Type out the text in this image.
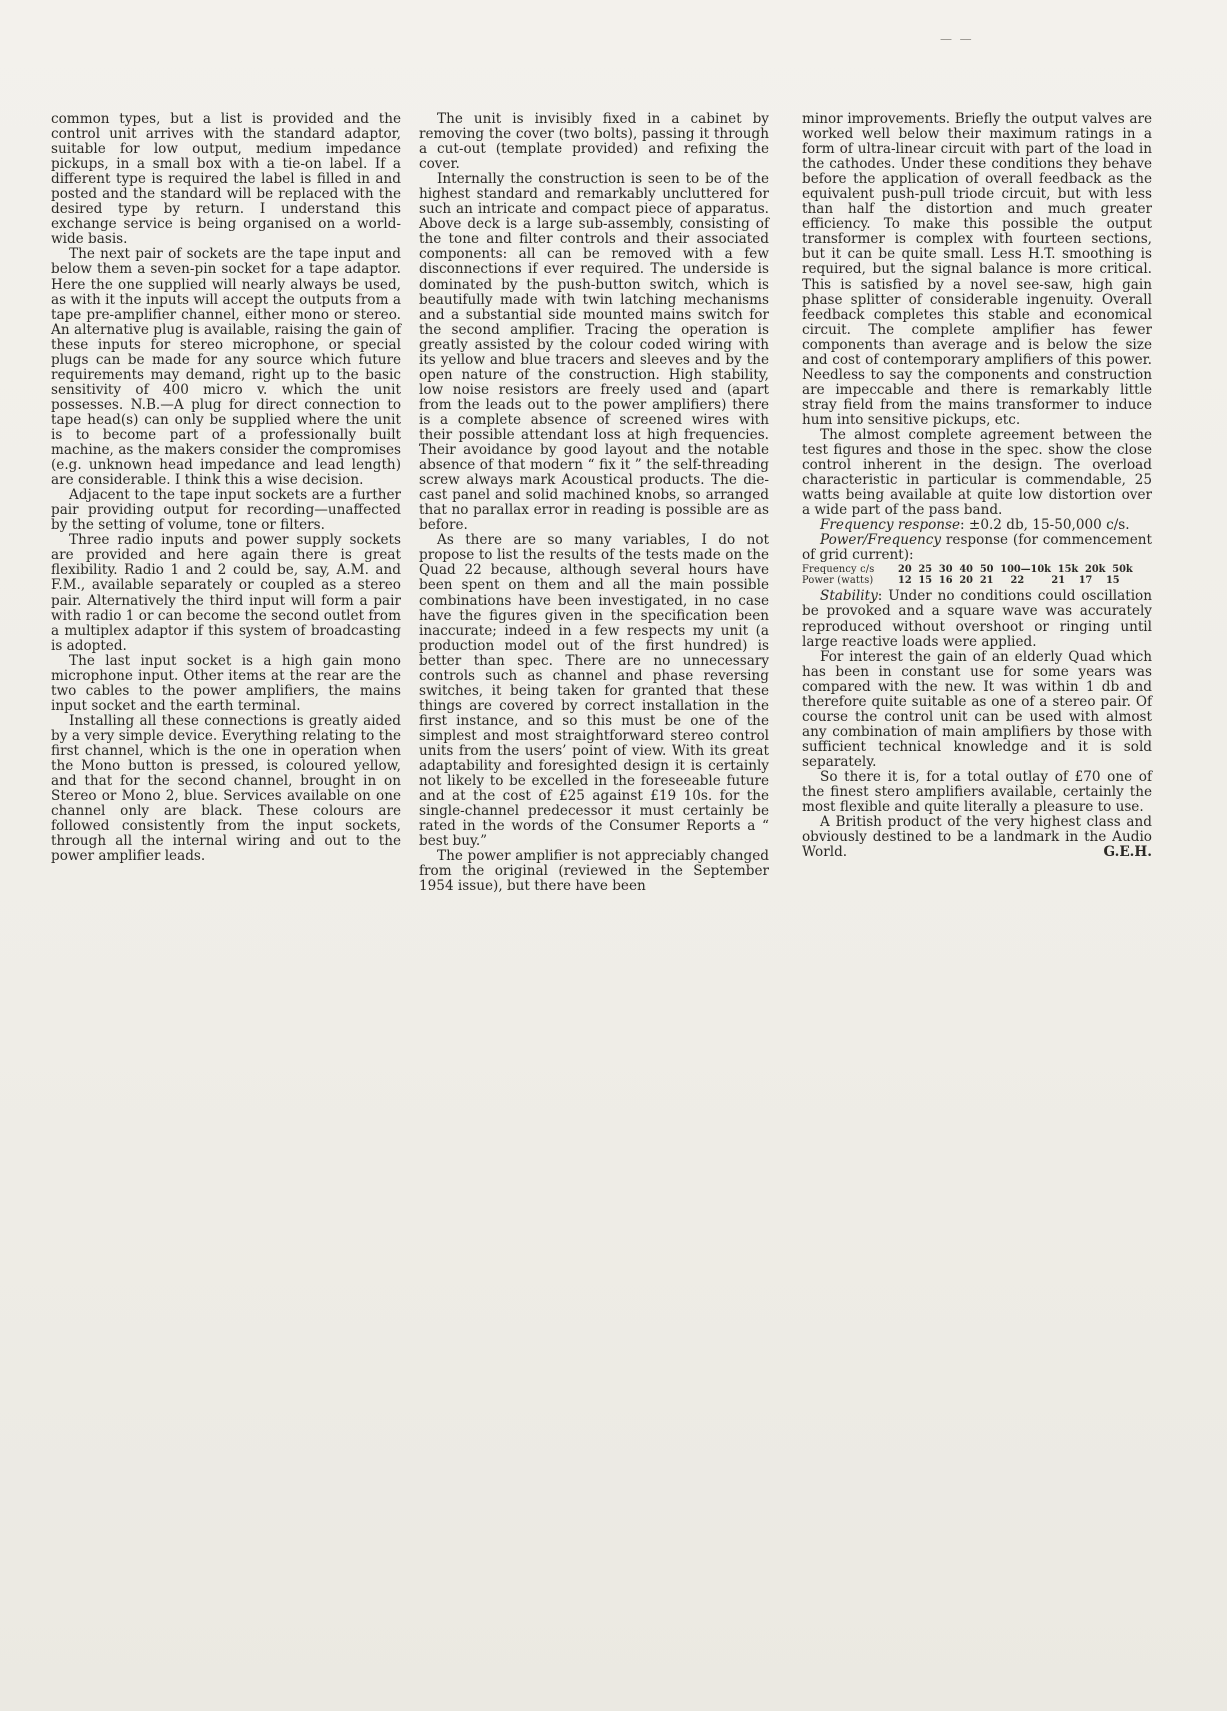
—  —

common types, but a list is provided and the control unit arrives with the standard adaptor, suitable for low output, medium impedance pickups, in a small box with a tie-on label. If a different type is required the label is filled in and posted and the standard will be replaced with the desired type by return. I understand this exchange service is being organised on a world-wide basis.

The next pair of sockets are the tape input and below them a seven-pin socket for a tape adaptor. Here the one supplied will nearly always be used, as with it the inputs will accept the outputs from a tape pre-amplifier channel, either mono or stereo. An alternative plug is available, raising the gain of these inputs for stereo microphone, or special plugs can be made for any source which future requirements may demand, right up to the basic sensitivity of 400 micro v. which the unit possesses. N.B.—A plug for direct connection to tape head(s) can only be supplied where the unit is to become part of a professionally built machine, as the makers consider the compromises (e.g. unknown head impedance and lead length) are considerable. I think this a wise decision.

Adjacent to the tape input sockets are a further pair providing output for recording—unaffected by the setting of volume, tone or filters.

Three radio inputs and power supply sockets are provided and here again there is great flexibility. Radio 1 and 2 could be, say, A.M. and F.M., available separately or coupled as a stereo pair. Alternatively the third input will form a pair with radio 1 or can become the second outlet from a multiplex adaptor if this system of broadcasting is adopted.

The last input socket is a high gain mono microphone input. Other items at the rear are the two cables to the power amplifiers, the mains input socket and the earth terminal.

Installing all these connections is greatly aided by a very simple device. Everything relating to the first channel, which is the one in operation when the Mono button is pressed, is coloured yellow, and that for the second channel, brought in on Stereo or Mono 2, blue. Services available on one channel only are black. These colours are followed consistently from the input sockets, through all the internal wiring and out to the power amplifier leads.

The unit is invisibly fixed in a cabinet by removing the cover (two bolts), passing it through a cut-out (template provided) and refixing the cover.

Internally the construction is seen to be of the highest standard and remarkably uncluttered for such an intricate and compact piece of apparatus. Above deck is a large sub-assembly, consisting of the tone and filter controls and their associated components: all can be removed with a few disconnections if ever required. The underside is dominated by the push-button switch, which is beautifully made with twin latching mechanisms and a substantial side mounted mains switch for the second amplifier. Tracing the operation is greatly assisted by the colour coded wiring with its yellow and blue tracers and sleeves and by the open nature of the construction. High stability, low noise resistors are freely used and (apart from the leads out to the power amplifiers) there is a complete absence of screened wires with their possible attendant loss at high frequencies. Their avoidance by good layout and the notable absence of that modern “ fix it ” the self-threading screw always mark Acoustical products. The die-cast panel and solid machined knobs, so arranged that no parallax error in reading is possible are as before.

As there are so many variables, I do not propose to list the results of the tests made on the Quad 22 because, although several hours have been spent on them and all the main possible combinations have been investigated, in no case have the figures given in the specification been inaccurate; indeed in a few respects my unit (a production model out of the first hundred) is better than spec. There are no unnecessary controls such as channel and phase reversing switches, it being taken for granted that these things are covered by correct installation in the first instance, and so this must be one of the simplest and most straightforward stereo control units from the users’ point of view. With its great adaptability and foresighted design it is certainly not likely to be excelled in the foreseeable future and at the cost of £25 against £19 10s. for the single-channel predecessor it must certainly be rated in the words of the Consumer Reports a “ best buy.”

The power amplifier is not appreciably changed from the original (reviewed in the September 1954 issue), but there have been

minor improvements. Briefly the output valves are worked well below their maximum ratings in a form of ultra-linear circuit with part of the load in the cathodes. Under these conditions they behave before the application of overall feedback as the equivalent push-pull triode circuit, but with less than half the distortion and much greater efficiency. To make this possible the output transformer is complex with fourteen sections, but it can be quite small. Less H.T. smoothing is required, but the signal balance is more critical. This is satisfied by a novel see-saw, high gain phase splitter of considerable ingenuity. Overall feedback completes this stable and economical circuit. The complete amplifier has fewer components than average and is below the size and cost of contemporary amplifiers of this power. Needless to say the components and construction are impeccable and there is remarkably little stray field from the mains transformer to induce hum into sensitive pickups, etc.

The almost complete agreement between the test figures and those in the spec. show the close control inherent in the design. The overload characteristic in particular is commendable, 25 watts being available at quite low distortion over a wide part of the pass band.

Frequency response: ±0.2 db, 15-50,000 c/s.

Power/Frequency response (for commencement of grid current):

Frequency c/s	20  25  30  40  50  100—10k  15k  20k  50k
Power (watts)	12  15  16  20  21     22        21    17    15

Stability: Under no conditions could oscillation be provoked and a square wave was accurately reproduced without overshoot or ringing until large reactive loads were applied.

For interest the gain of an elderly Quad which has been in constant use for some years was compared with the new. It was within 1 db and therefore quite suitable as one of a stereo pair. Of course the control unit can be used with almost any combination of main amplifiers by those with sufficient technical knowledge and it is sold separately.

So there it is, for a total outlay of £70 one of the finest stero amplifiers available, certainly the most flexible and quite literally a pleasure to use.

A British product of the very highest class and obviously destined to be a landmark in the Audio World.	G.E.H.
